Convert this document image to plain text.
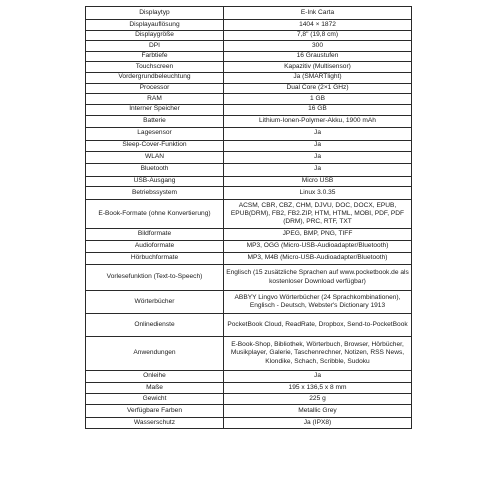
Displaytyp	E-Ink Carta
Displayauflösung	1404 × 1872
Displaygröße	7,8" (19,8 cm)
DPI	300
Farbtiefe	16 Graustufen
Touchscreen	Kapazitiv (Multisensor)
Vordergrundbeleuchtung	Ja (SMARTlight)
Processor	Dual Core (2×1 GHz)
RAM	1 GB
Interner Speicher	16 GB
Batterie	Lithium-Ionen-Polymer-Akku, 1900 mAh
Lagesensor	Ja
Sleep-Cover-Funktion	Ja
WLAN	Ja
Bluetooth	Ja
USB-Ausgang	Micro USB
Betriebssystem	Linux 3.0.35
E-Book-Formate (ohne Konvertierung)	ACSM, CBR, CBZ, CHM, DJVU, DOC, DOCX, EPUB, EPUB(DRM), FB2, FB2.ZIP, HTM, HTML, MOBI, PDF, PDF (DRM), PRC, RTF, TXT
Bildformate	JPEG, BMP, PNG, TIFF
Audioformate	MP3, OGG (Micro-USB-Audioadapter/Bluetooth)
Hörbuchformate	MP3, M4B (Micro-USB-Audioadapter/Bluetooth)
Vorlesefunktion (Text-to-Speech)	Englisch (15 zusätzliche Sprachen auf www.pocketbook.de als kostenloser Download verfügbar)
Wörterbücher	ABBYY Lingvo Wörterbücher (24 Sprachkombinationen), Englisch - Deutsch, Webster's Dictionary 1913
Onlinedienste	PocketBook Cloud, ReadRate, Dropbox, Send-to-PocketBook
Anwendungen	E-Book-Shop, Bibliothek, Wörterbuch, Browser, Hörbücher, Musikplayer, Galerie, Taschenrechner, Notizen, RSS News, Klondike, Schach, Scribble, Sudoku
Onleihe	Ja
Maße	195 x 136,5 x 8 mm
Gewicht	225 g
Verfügbare Farben	Metallic Grey
Wasserschutz	Ja (IPX8)
